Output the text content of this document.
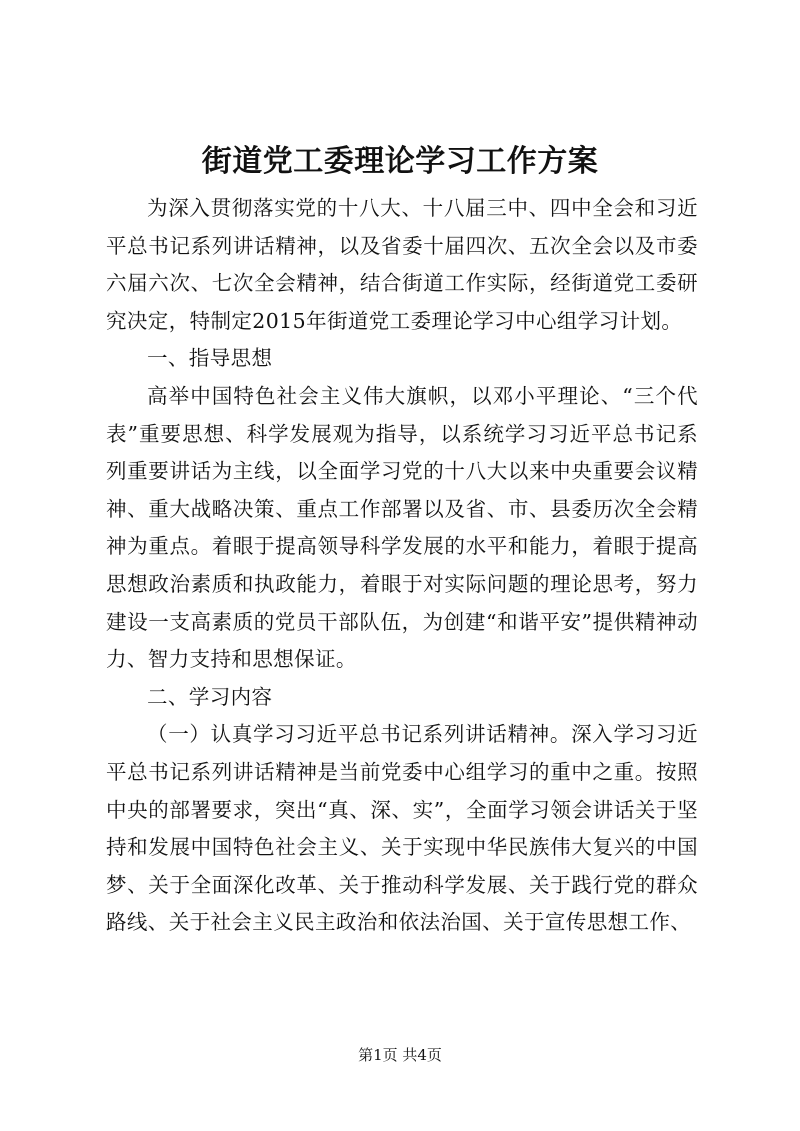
街道党工委理论学习工作方案

为深入贯彻落实党的十八大、十八届三中、四中全会和习近平总书记系列讲话精神，以及省委十届四次、五次全会以及市委六届六次、七次全会精神，结合街道工作实际，经街道党工委研究决定，特制定2015年街道党工委理论学习中心组学习计划。

一、指导思想

高举中国特色社会主义伟大旗帜，以邓小平理论、“三个代表”重要思想、科学发展观为指导，以系统学习习近平总书记系列重要讲话为主线，以全面学习党的十八大以来中央重要会议精神、重大战略决策、重点工作部署以及省、市、县委历次全会精神为重点。着眼于提高领导科学发展的水平和能力，着眼于提高思想政治素质和执政能力，着眼于对实际问题的理论思考，努力建设一支高素质的党员干部队伍，为创建“和谐平安”提供精神动力、智力支持和思想保证。

二、学习内容

（一）认真学习习近平总书记系列讲话精神。深入学习习近平总书记系列讲话精神是当前党委中心组学习的重中之重。按照中央的部署要求，突出“真、深、实”，全面学习领会讲话关于坚持和发展中国特色社会主义、关于实现中华民族伟大复兴的中国梦、关于全面深化改革、关于推动科学发展、关于践行党的群众路线、关于社会主义民主政治和依法治国、关于宣传思想工作、

第1页 共4页
